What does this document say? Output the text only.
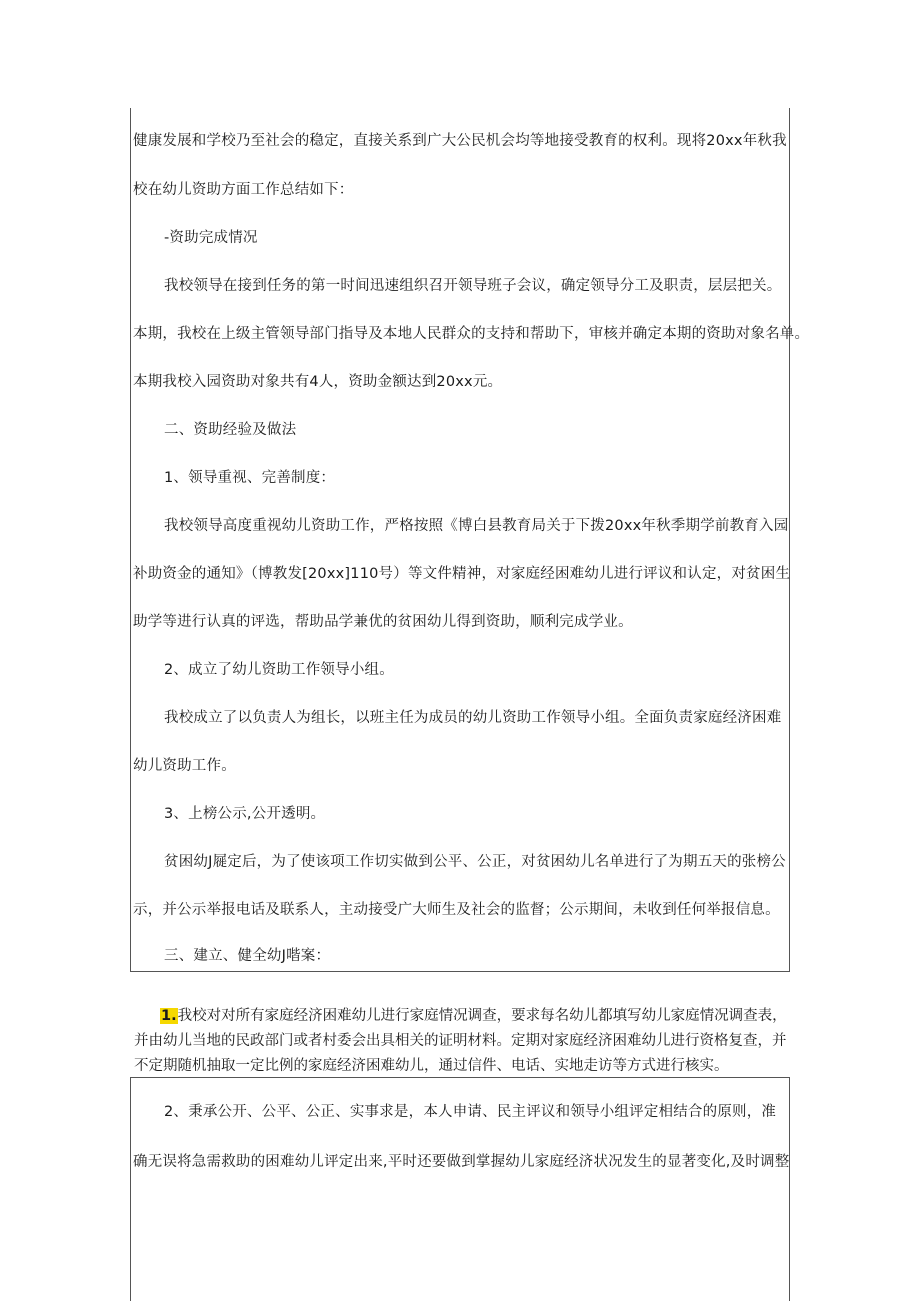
健康发展和学校乃至社会的稳定，直接关系到广大公民机会均等地接受教育的权利。现将20xx年秋我
校在幼儿资助方面工作总结如下：
-资助完成情况
我校领导在接到任务的第一时间迅速组织召开领导班子会议，确定领导分工及职责，层层把关。
本期，我校在上级主管领导部门指导及本地人民群众的支持和帮助下，审核并确定本期的资助对象名单。
本期我校入园资助对象共有4人，资助金额达到20xx元。
二、资助经验及做法
1、领导重视、完善制度：
我校领导高度重视幼儿资助工作，严格按照《博白县教育局关于下拨20xx年秋季期学前教育入园
补助资金的通知》（博教发[20xx]110号）等文件精神，对家庭经困难幼儿进行评议和认定，对贫困生
助学等进行认真的评选，帮助品学兼优的贫困幼儿得到资助，顺利完成学业。
2、成立了幼儿资助工作领导小组。
我校成立了以负责人为组长，以班主任为成员的幼儿资助工作领导小组。全面负责家庭经济困难
幼儿资助工作。
3、上榜公示,公开透明。
贫困幼J屣定后，为了使该项工作切实做到公平、公正，对贫困幼儿名单进行了为期五天的张榜公
示，并公示举报电话及联系人，主动接受广大师生及社会的监督；公示期间，未收到任何举报信息。
三、建立、健全幼J喈案：
1.我校对对所有家庭经济困难幼儿进行家庭情况调查，要求每名幼儿都填写幼儿家庭情况调查表，
并由幼儿当地的民政部门或者村委会出具相关的证明材料。定期对家庭经济困难幼儿进行资格复查，并
不定期随机抽取一定比例的家庭经济困难幼儿，通过信件、电话、实地走访等方式进行核实。
2、秉承公开、公平、公正、实事求是，本人申请、民主评议和领导小组评定相结合的原则，准
确无误将急需救助的困难幼儿评定出来,平时还要做到掌握幼儿家庭经济状况发生的显著变化,及时调整
